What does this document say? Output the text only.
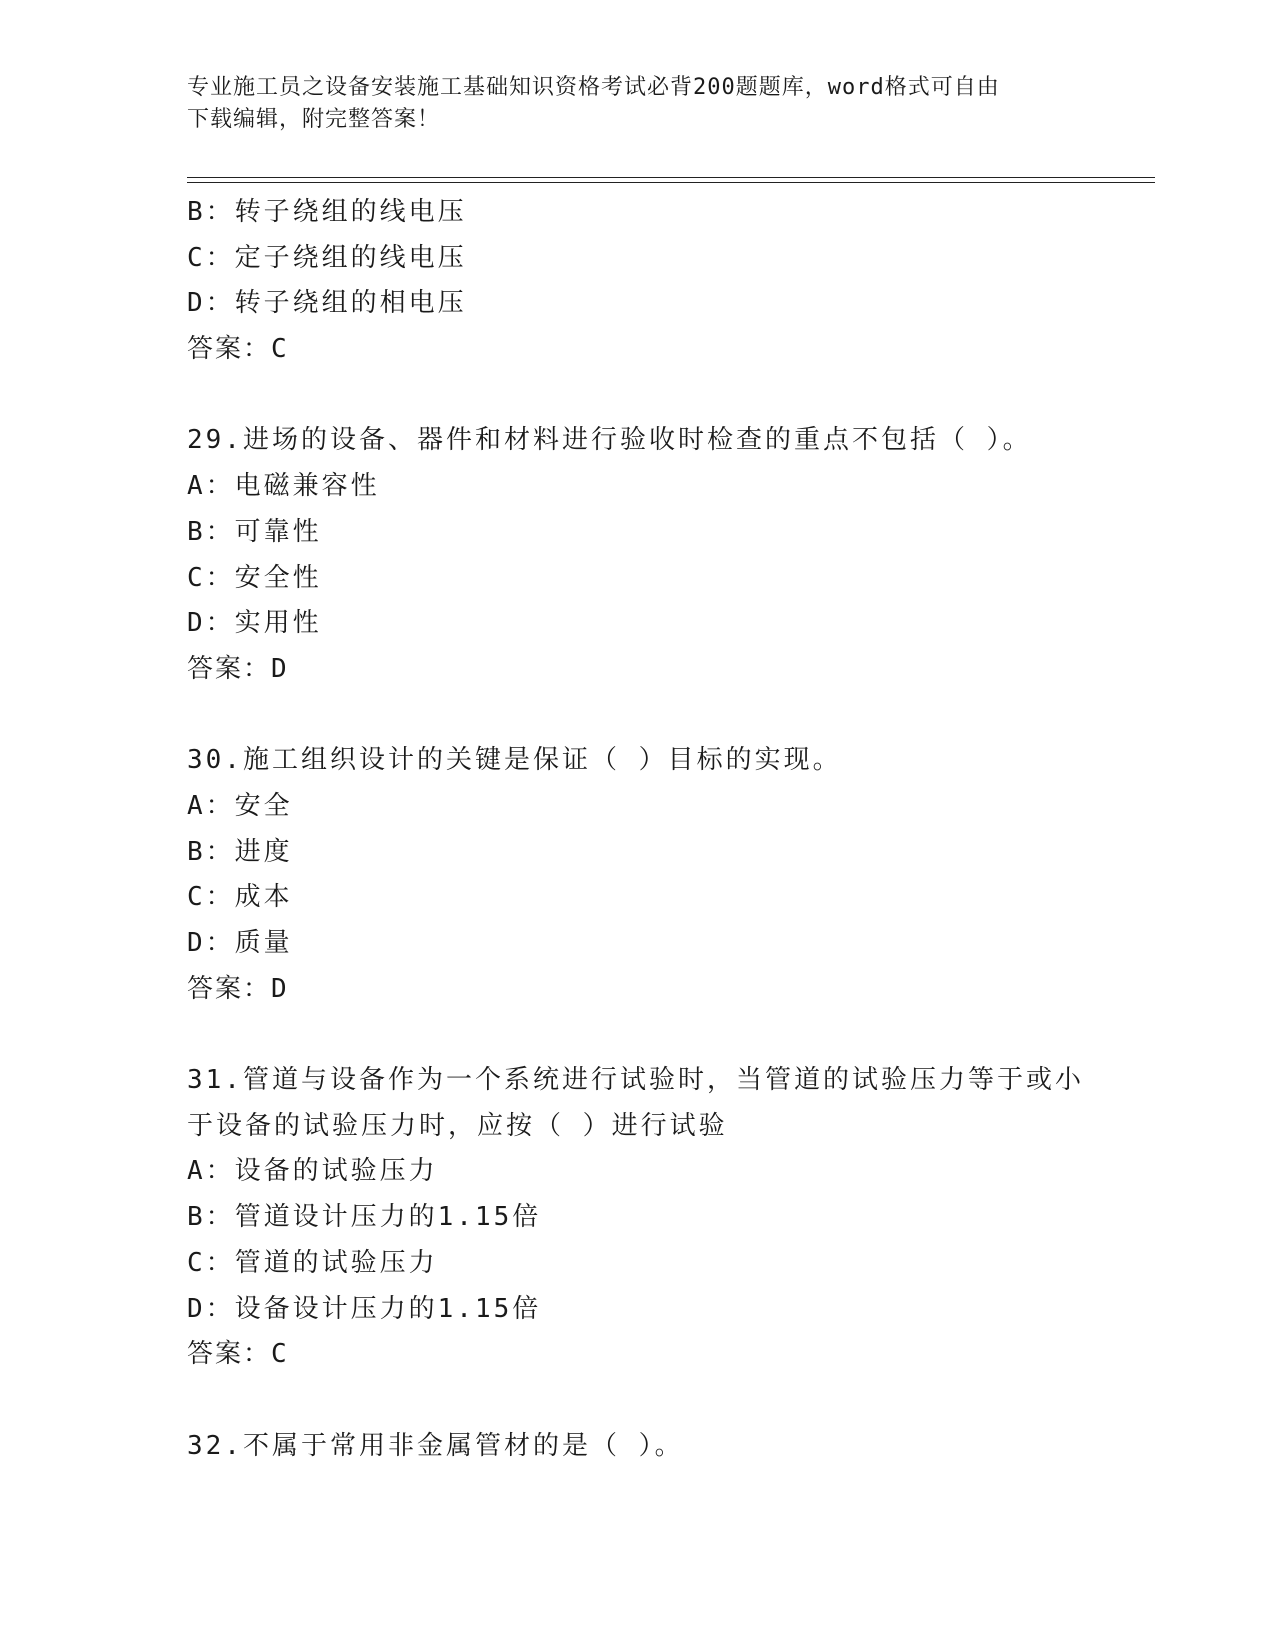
专业施工员之设备安装施工基础知识资格考试必背200题题库，word格式可自由
下载编辑，附完整答案！
B：转子绕组的线电压
C：定子绕组的线电压
D：转子绕组的相电压
答案：C
29.进场的设备、器件和材料进行验收时检查的重点不包括（ ）。
A：电磁兼容性
B：可靠性
C：安全性
D：实用性
答案：D
30.施工组织设计的关键是保证（ ）目标的实现。
A：安全
B：进度
C：成本
D：质量
答案：D
31.管道与设备作为一个系统进行试验时，当管道的试验压力等于或小
于设备的试验压力时，应按（ ）进行试验
A：设备的试验压力
B：管道设计压力的1.15倍
C：管道的试验压力
D：设备设计压力的1.15倍
答案：C
32.不属于常用非金属管材的是（ ）。
